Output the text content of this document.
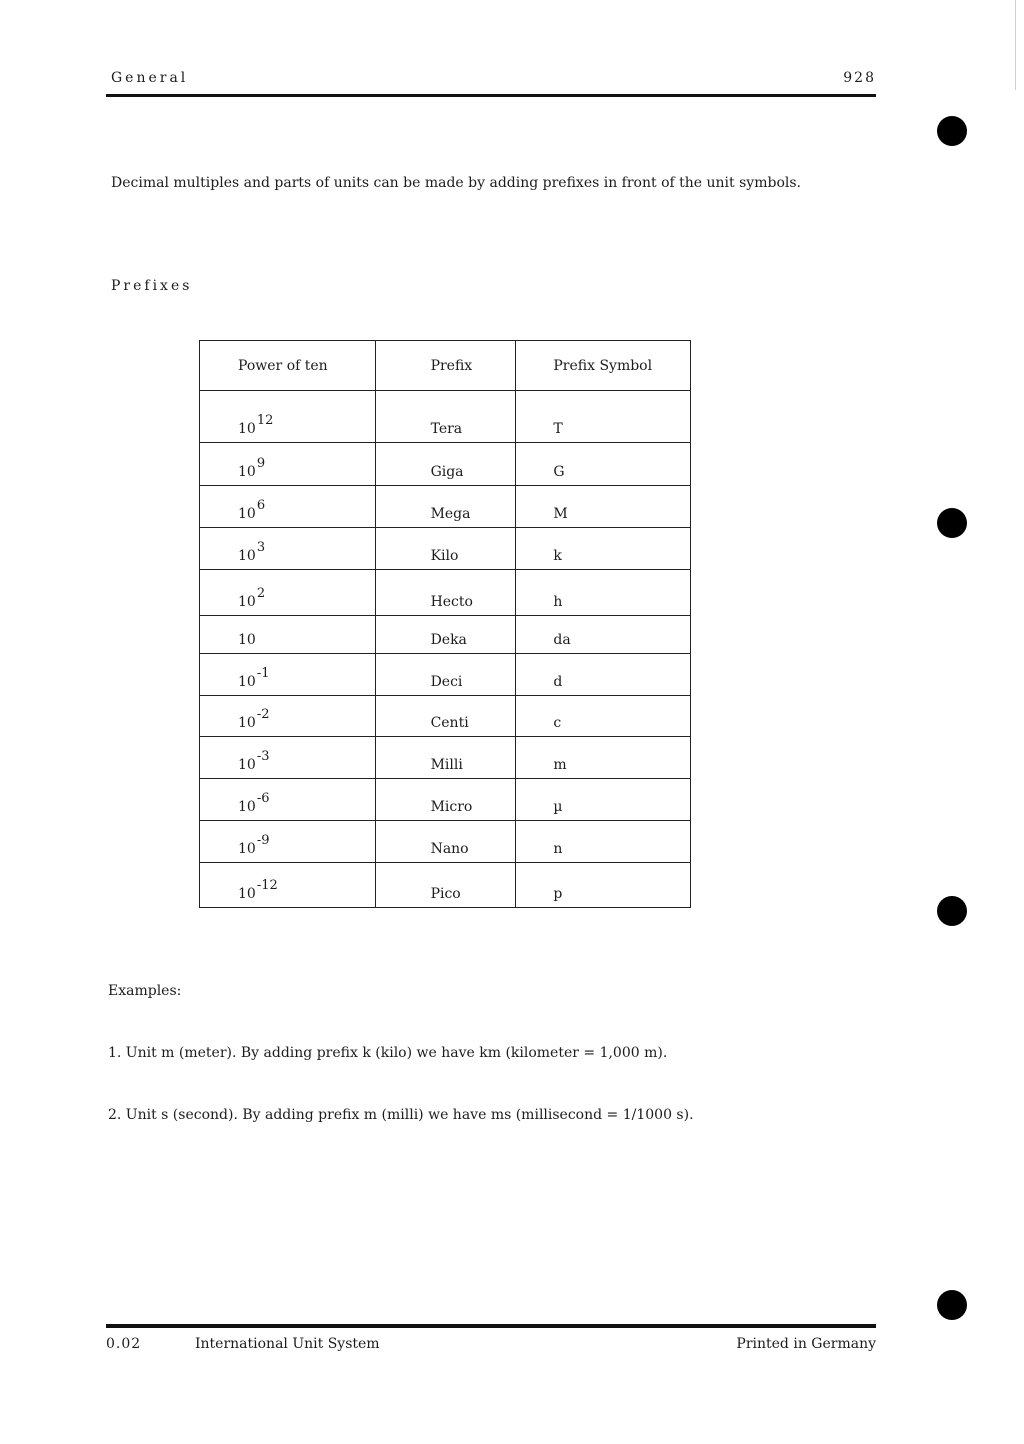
General	928
Decimal multiples and parts of units can be made by adding prefixes in front of the unit symbols.
Prefixes
Power of ten	Prefix	Prefix Symbol
1012	Tera	T
109	Giga	G
106	Mega	M
103	Kilo	k
102	Hecto	h
10	Deka	da
10-1	Deci	d
10-2	Centi	c
10-3	Milli	m
10-6	Micro	µ
10-9	Nano	n
10-12	Pico	p
Examples:
1. Unit m (meter). By adding prefix k (kilo) we have km (kilometer = 1,000 m).
2. Unit s (second). By adding prefix m (milli) we have ms (millisecond = 1/1000 s).
0.02	International Unit System	Printed in Germany
